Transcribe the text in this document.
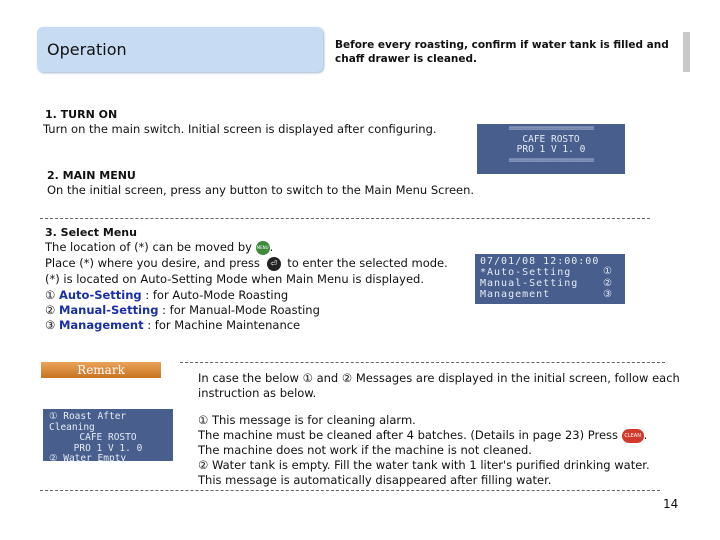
Operation	Before every roasting, confirm if water tank is filled and chaff drawer is cleaned.
1. TURN ON
Turn on the main switch. Initial screen is displayed after configuring.	==================
CAFE ROSTO
PRO 1 V 1. 0
==================
2. MAIN MENU
On the initial screen, press any button to switch to the Main Menu Screen.
3. Select Menu
The location of (*) can be moved by MENU.
Place (*) where you desire, and press ⏎ to enter the selected mode.
(*) is located on Auto-Setting Mode when Main Menu is displayed.
① Auto-Setting : for Auto-Mode Roasting
② Manual-Setting : for Manual-Mode Roasting
③ Management : for Machine Maintenance
07/01/08 12:00:00
*Auto-Setting
Manual-Setting
Management
①
②
③
Remark
In case the below ① and ② Messages are displayed in the initial screen, follow each instruction as below.
① Roast After Cleaning
CAFE ROSTO
PRO 1 V 1. 0
② Water Empty
① This message is for cleaning alarm.
The machine must be cleaned after 4 batches. (Details in page 23) Press CLEAN .
The machine does not work if the machine is not cleaned.
② Water tank is empty. Fill the water tank with 1 liter's purified drinking water.
This message is automatically disappeared after filling water.
14
